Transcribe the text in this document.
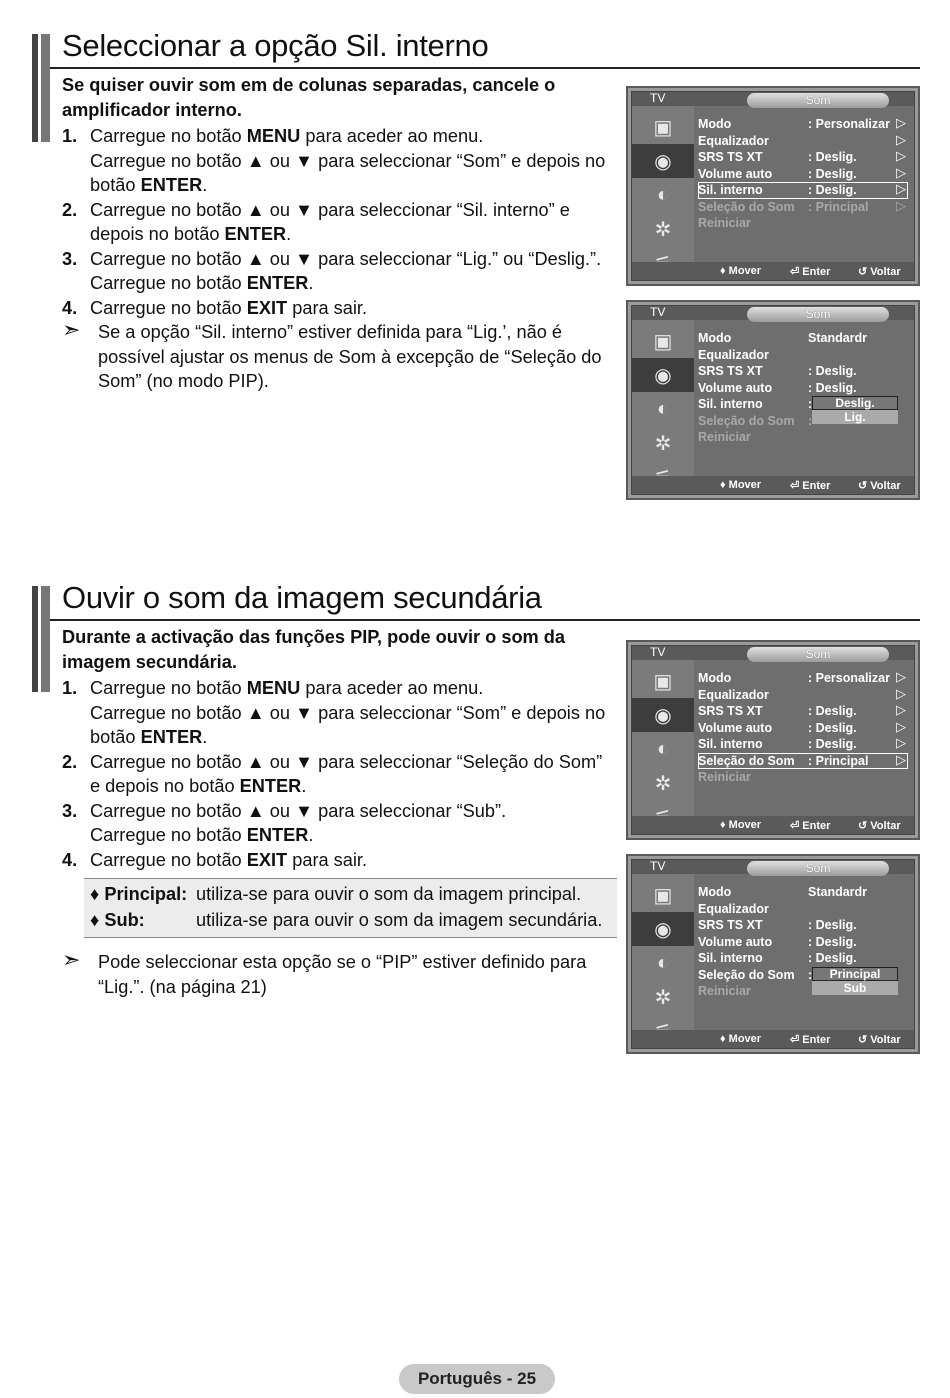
Seleccionar a opção Sil. interno
Se quiser ouvir som em de colunas separadas, cancele o amplificador interno.
1. Carregue no botão MENU para aceder ao menu.
Carregue no botão ▲ ou ▼ para seleccionar “Som” e depois no botão ENTER.
2. Carregue no botão ▲ ou ▼ para seleccionar “Sil. interno” e depois no botão ENTER.
3. Carregue no botão ▲ ou ▼ para seleccionar “Lig.” ou “Deslig.”.
Carregue no botão ENTER.
4. Carregue no botão EXIT para sair.
➣ Se a opção “Sil. interno” estiver definida para “Lig.’, não é possível ajustar os menus de Som à excepção de “Seleção do Som” (no modo PIP).
Ouvir o som da imagem secundária
Durante a activação das funções PIP, pode ouvir o som da imagem secundária.
1. Carregue no botão MENU para aceder ao menu.
Carregue no botão ▲ ou ▼ para seleccionar “Som” e depois no botão ENTER.
2. Carregue no botão ▲ ou ▼ para seleccionar “Seleção do Som” e depois no botão ENTER.
3. Carregue no botão ▲ ou ▼ para seleccionar “Sub”.
Carregue no botão ENTER.
4. Carregue no botão EXIT para sair.
♦ Principal: utiliza-se para ouvir o som da imagem principal.
♦ Sub:	utiliza-se para ouvir o som da imagem secundária.
➣ Pode seleccionar esta opção se o “PIP” estiver definido para “Lig.”. (na página 21)
TV	Som
▣
◉
◐
✲
Modo	: Personalizar ▷
Equalizador	▷
SRS TS XT	: Deslig.	▷
Volume auto	: Deslig.	▷
Sil. interno	: Deslig.	▷
Seleção do Som : Principal ▷
Reiniciar
♦ Mover	⏎ Enter	↺ Voltar
TV	Som
▣
◉
◐
✲
Modo	Standardr
Equalizador
SRS TS XT	: Deslig.
Volume auto	: Deslig.
Sil. interno	:
Seleção do Som :
Reiniciar
Deslig.
Lig.
♦ Mover	⏎ Enter	↺ Voltar
TV	Som
▣
◉
◐
✲
Modo	: Personalizar ▷
Equalizador	▷
SRS TS XT	: Deslig.	▷
Volume auto	: Deslig.	▷
Sil. interno	: Deslig.	▷
Seleção do Som : Principal ▷
Reiniciar
♦ Mover	⏎ Enter	↺ Voltar
TV	Som
▣
◉
◐
✲
Modo	Standardr
Equalizador
SRS TS XT	: Deslig.
Volume auto	: Deslig.
Sil. interno	: Deslig.
Seleção do Som :
Reiniciar
Principal
Sub
♦ Mover	⏎ Enter	↺ Voltar
Português - 25
